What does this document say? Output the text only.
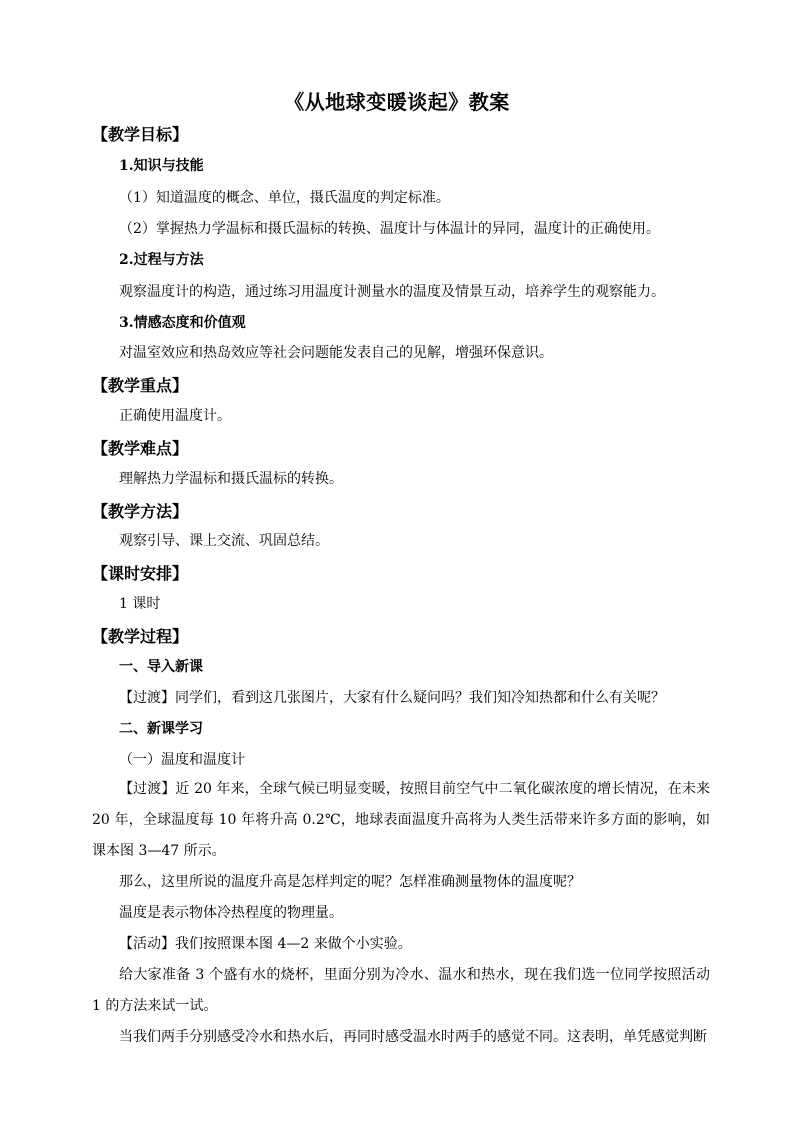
《从地球变暖谈起》教案
【教学目标】
1.知识与技能
（1）知道温度的概念、单位，摄氏温度的判定标准。
（2）掌握热力学温标和摄氏温标的转换、温度计与体温计的异同，温度计的正确使用。
2.过程与方法
观察温度计的构造，通过练习用温度计测量水的温度及情景互动，培养学生的观察能力。
3.情感态度和价值观
对温室效应和热岛效应等社会问题能发表自己的见解，增强环保意识。
【教学重点】
正确使用温度计。
【教学难点】
理解热力学温标和摄氏温标的转换。
【教学方法】
观察引导、课上交流、巩固总结。
【课时安排】
1 课时
【教学过程】
一、导入新课
【过渡】同学们，看到这几张图片，大家有什么疑问吗？我们知冷知热都和什么有关呢？
二、新课学习
（一）温度和温度计
【过渡】近 20 年来，全球气候已明显变暖，按照目前空气中二氧化碳浓度的增长情况，在未来 20 年，全球温度每 10 年将升高 0.2℃，地球表面温度升高将为人类生活带来许多方面的影响，如课本图 3—47 所示。
那么，这里所说的温度升高是怎样判定的呢？怎样准确测量物体的温度呢？
温度是表示物体冷热程度的物理量。
【活动】我们按照课本图 4—2 来做个小实验。
给大家准备 3 个盛有水的烧杯，里面分别为冷水、温水和热水，现在我们选一位同学按照活动 1 的方法来试一试。
当我们两手分别感受冷水和热水后，再同时感受温水时两手的感觉不同。这表明，单凭感觉判断
